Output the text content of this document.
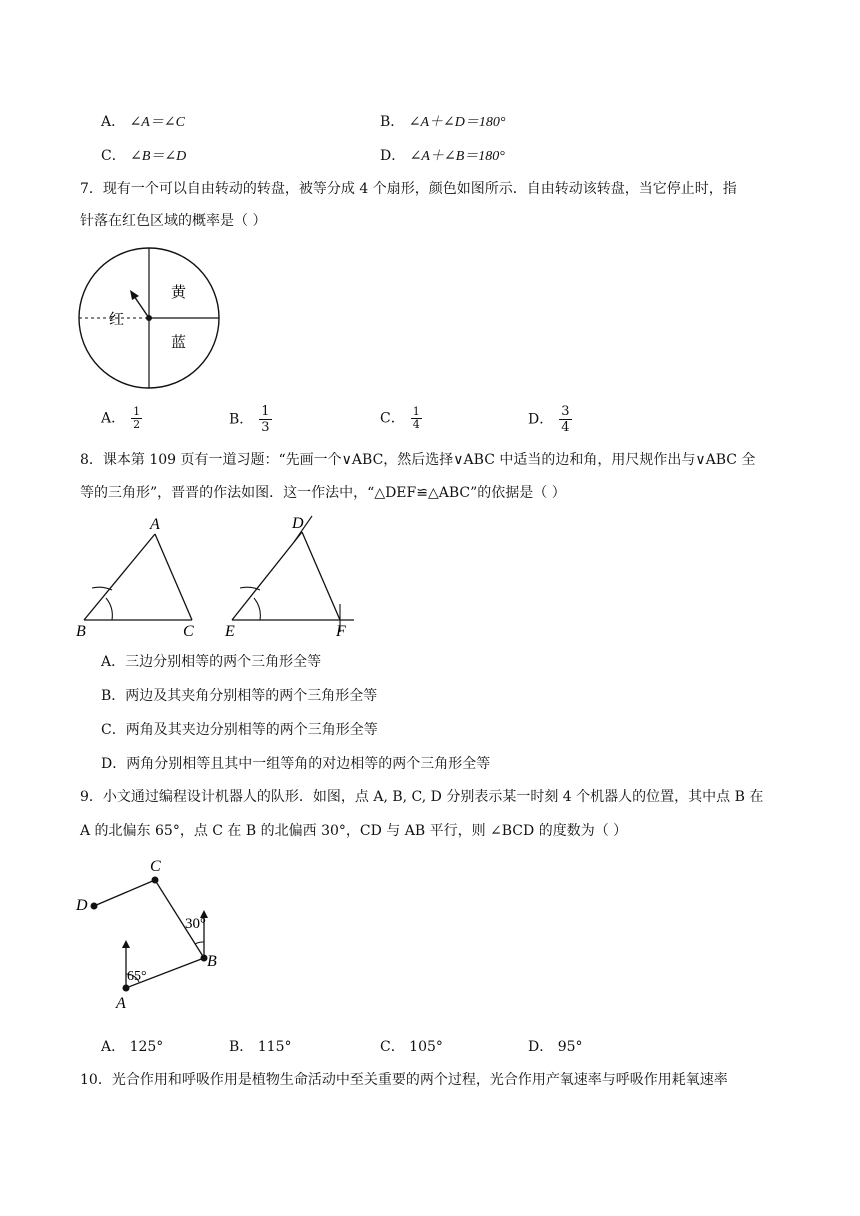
A． ∠A＝∠C	B． ∠A＋∠D＝180°
C． ∠B＝∠D	D． ∠A＋∠B＝180°
7．现有一个可以自由转动的转盘，被等分成 4 个扇形，颜色如图所示．自由转动该转盘，当它停止时，指
针落在红色区域的概率是（ ）
黄
红
蓝
A． $\frac{1}{2}$	B． $\frac{1}{3}$	C． $\frac{1}{4}$	D． $\frac{3}{4}$
8．课本第 109 页有一道习题：“先画一个∨ABC，然后选择∨ABC 中适当的边和角，用尺规作出与∨ABC 全
等的三角形”，晋晋的作法如图．这一作法中，“△DEF≌△ABC”的依据是（ ）
A
B	C
D
E	F
A．三边分别相等的两个三角形全等
B．两边及其夹角分别相等的两个三角形全等
C．两角及其夹边分别相等的两个三角形全等
D．两角分别相等且其中一组等角的对边相等的两个三角形全等
9．小文通过编程设计机器人的队形．如图，点 A, B, C, D 分别表示某一时刻 4 个机器人的位置，其中点 B 在
A 的北偏东 65°，点 C 在 B 的北偏西 30°，CD 与 AB 平行，则 ∠BCD 的度数为（ ）
D
C
B
A
65°
30°
A． 125°	B． 115°	C． 105°	D． 95°
10．光合作用和呼吸作用是植物生命活动中至关重要的两个过程，光合作用产氧速率与呼吸作用耗氧速率
